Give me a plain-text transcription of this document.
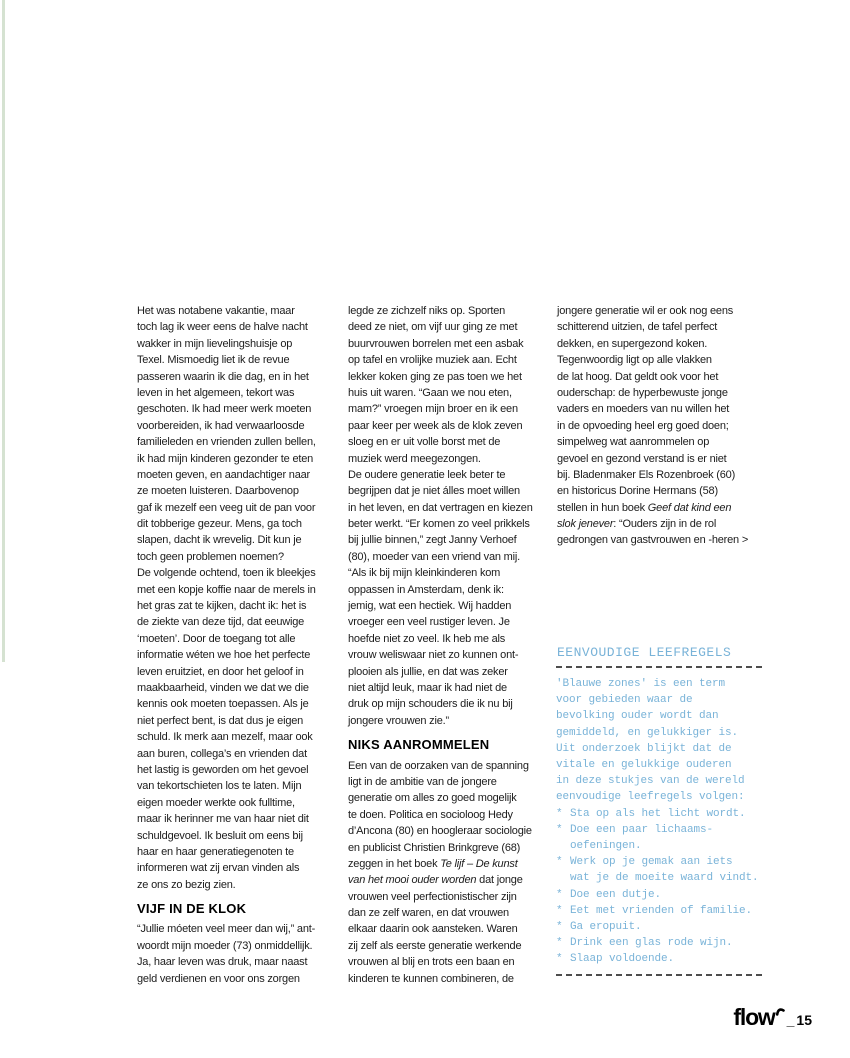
Het was notabene vakantie, maar
toch lag ik weer eens de halve nacht
wakker in mijn lievelingshuisje op
Texel. Mismoedig liet ik de revue
passeren waarin ik die dag, en in het
leven in het algemeen, tekort was
geschoten. Ik had meer werk moeten
voorbereiden, ik had verwaarloosde
familieleden en vrienden zullen bellen,
ik had mijn kinderen gezonder te eten
moeten geven, en aandachtiger naar
ze moeten luisteren. Daarbovenop
gaf ik mezelf een veeg uit de pan voor
dit tobberige gezeur. Mens, ga toch
slapen, dacht ik wrevelig. Dit kun je
toch geen problemen noemen?
De volgende ochtend, toen ik bleekjes
met een kopje koffie naar de merels in
het gras zat te kijken, dacht ik: het is
de ziekte van deze tijd, dat eeuwige
‘moeten’. Door de toegang tot alle
informatie wéten we hoe het perfecte
leven eruitziet, en door het geloof in
maakbaarheid, vinden we dat we die
kennis ook moeten toepassen. Als je
niet perfect bent, is dat dus je eigen
schuld. Ik merk aan mezelf, maar ook
aan buren, collega’s en vrienden dat
het lastig is geworden om het gevoel
van tekortschieten los te laten. Mijn
eigen moeder werkte ook fulltime,
maar ik herinner me van haar niet dit
schuldgevoel. Ik besluit om eens bij
haar en haar generatiegenoten te
informeren wat zij ervan vinden als
ze ons zo bezig zien.
VIJF IN DE KLOK
“Jullie móeten veel meer dan wij,” ant-
woordt mijn moeder (73) onmiddellijk.
Ja, haar leven was druk, maar naast
geld verdienen en voor ons zorgen
legde ze zichzelf niks op. Sporten
deed ze niet, om vijf uur ging ze met
buurvrouwen borrelen met een asbak
op tafel en vrolijke muziek aan. Echt
lekker koken ging ze pas toen we het
huis uit waren. “Gaan we nou eten,
mam?” vroegen mijn broer en ik een
paar keer per week als de klok zeven
sloeg en er uit volle borst met de
muziek werd meegezongen.
De oudere generatie leek beter te
begrijpen dat je niet álles moet willen
in het leven, en dat vertragen en kiezen
beter werkt. “Er komen zo veel prikkels
bij jullie binnen,” zegt Janny Verhoef
(80), moeder van een vriend van mij.
“Als ik bij mijn kleinkinderen kom
oppassen in Amsterdam, denk ik:
jemig, wat een hectiek. Wij hadden
vroeger een veel rustiger leven. Je
hoefde niet zo veel. Ik heb me als
vrouw weliswaar niet zo kunnen ont-
plooien als jullie, en dat was zeker
niet altijd leuk, maar ik had niet de
druk op mijn schouders die ik nu bij
jongere vrouwen zie.”
NIKS AANROMMELEN
Een van de oorzaken van de spanning
ligt in de ambitie van de jongere
generatie om alles zo goed mogelijk
te doen. Politica en socioloog Hedy
d’Ancona (80) en hoogleraar sociologie
en publicist Christien Brinkgreve (68)
zeggen in het boek Te lijf – De kunst
van het mooi ouder worden dat jonge
vrouwen veel perfectionistischer zijn
dan ze zelf waren, en dat vrouwen
elkaar daarin ook aansteken. Waren
zij zelf als eerste generatie werkende
vrouwen al blij en trots een baan en
kinderen te kunnen combineren, de
jongere generatie wil er ook nog eens
schitterend uitzien, de tafel perfect
dekken, en supergezond koken.
Tegenwoordig ligt op alle vlakken
de lat hoog. Dat geldt ook voor het
ouderschap: de hyperbewuste jonge
vaders en moeders van nu willen het
in de opvoeding heel erg goed doen;
simpelweg wat aanrommelen op
gevoel en gezond verstand is er niet
bij. Bladenmaker Els Rozenbroek (60)
en historicus Dorine Hermans (58)
stellen in hun boek Geef dat kind een
slok jenever: “Ouders zijn in de rol
gedrongen van gastvrouwen en -heren >
EENVOUDIGE LEEFREGELS
'Blauwe zones' is een term
voor gebieden waar de
bevolking ouder wordt dan
gemiddeld, en gelukkiger is.
Uit onderzoek blijkt dat de
vitale en gelukkige ouderen
in deze stukjes van de wereld
eenvoudige leefregels volgen:
* Sta op als het licht wordt.
* Doe een paar lichaams-
oefeningen.
* Werk op je gemak aan iets
wat je de moeite waard vindt.
* Doe een dutje.
* Eet met vrienden of familie.
* Ga eropuit.
* Drink een glas rode wijn.
* Slaap voldoende.
flow _ 15
